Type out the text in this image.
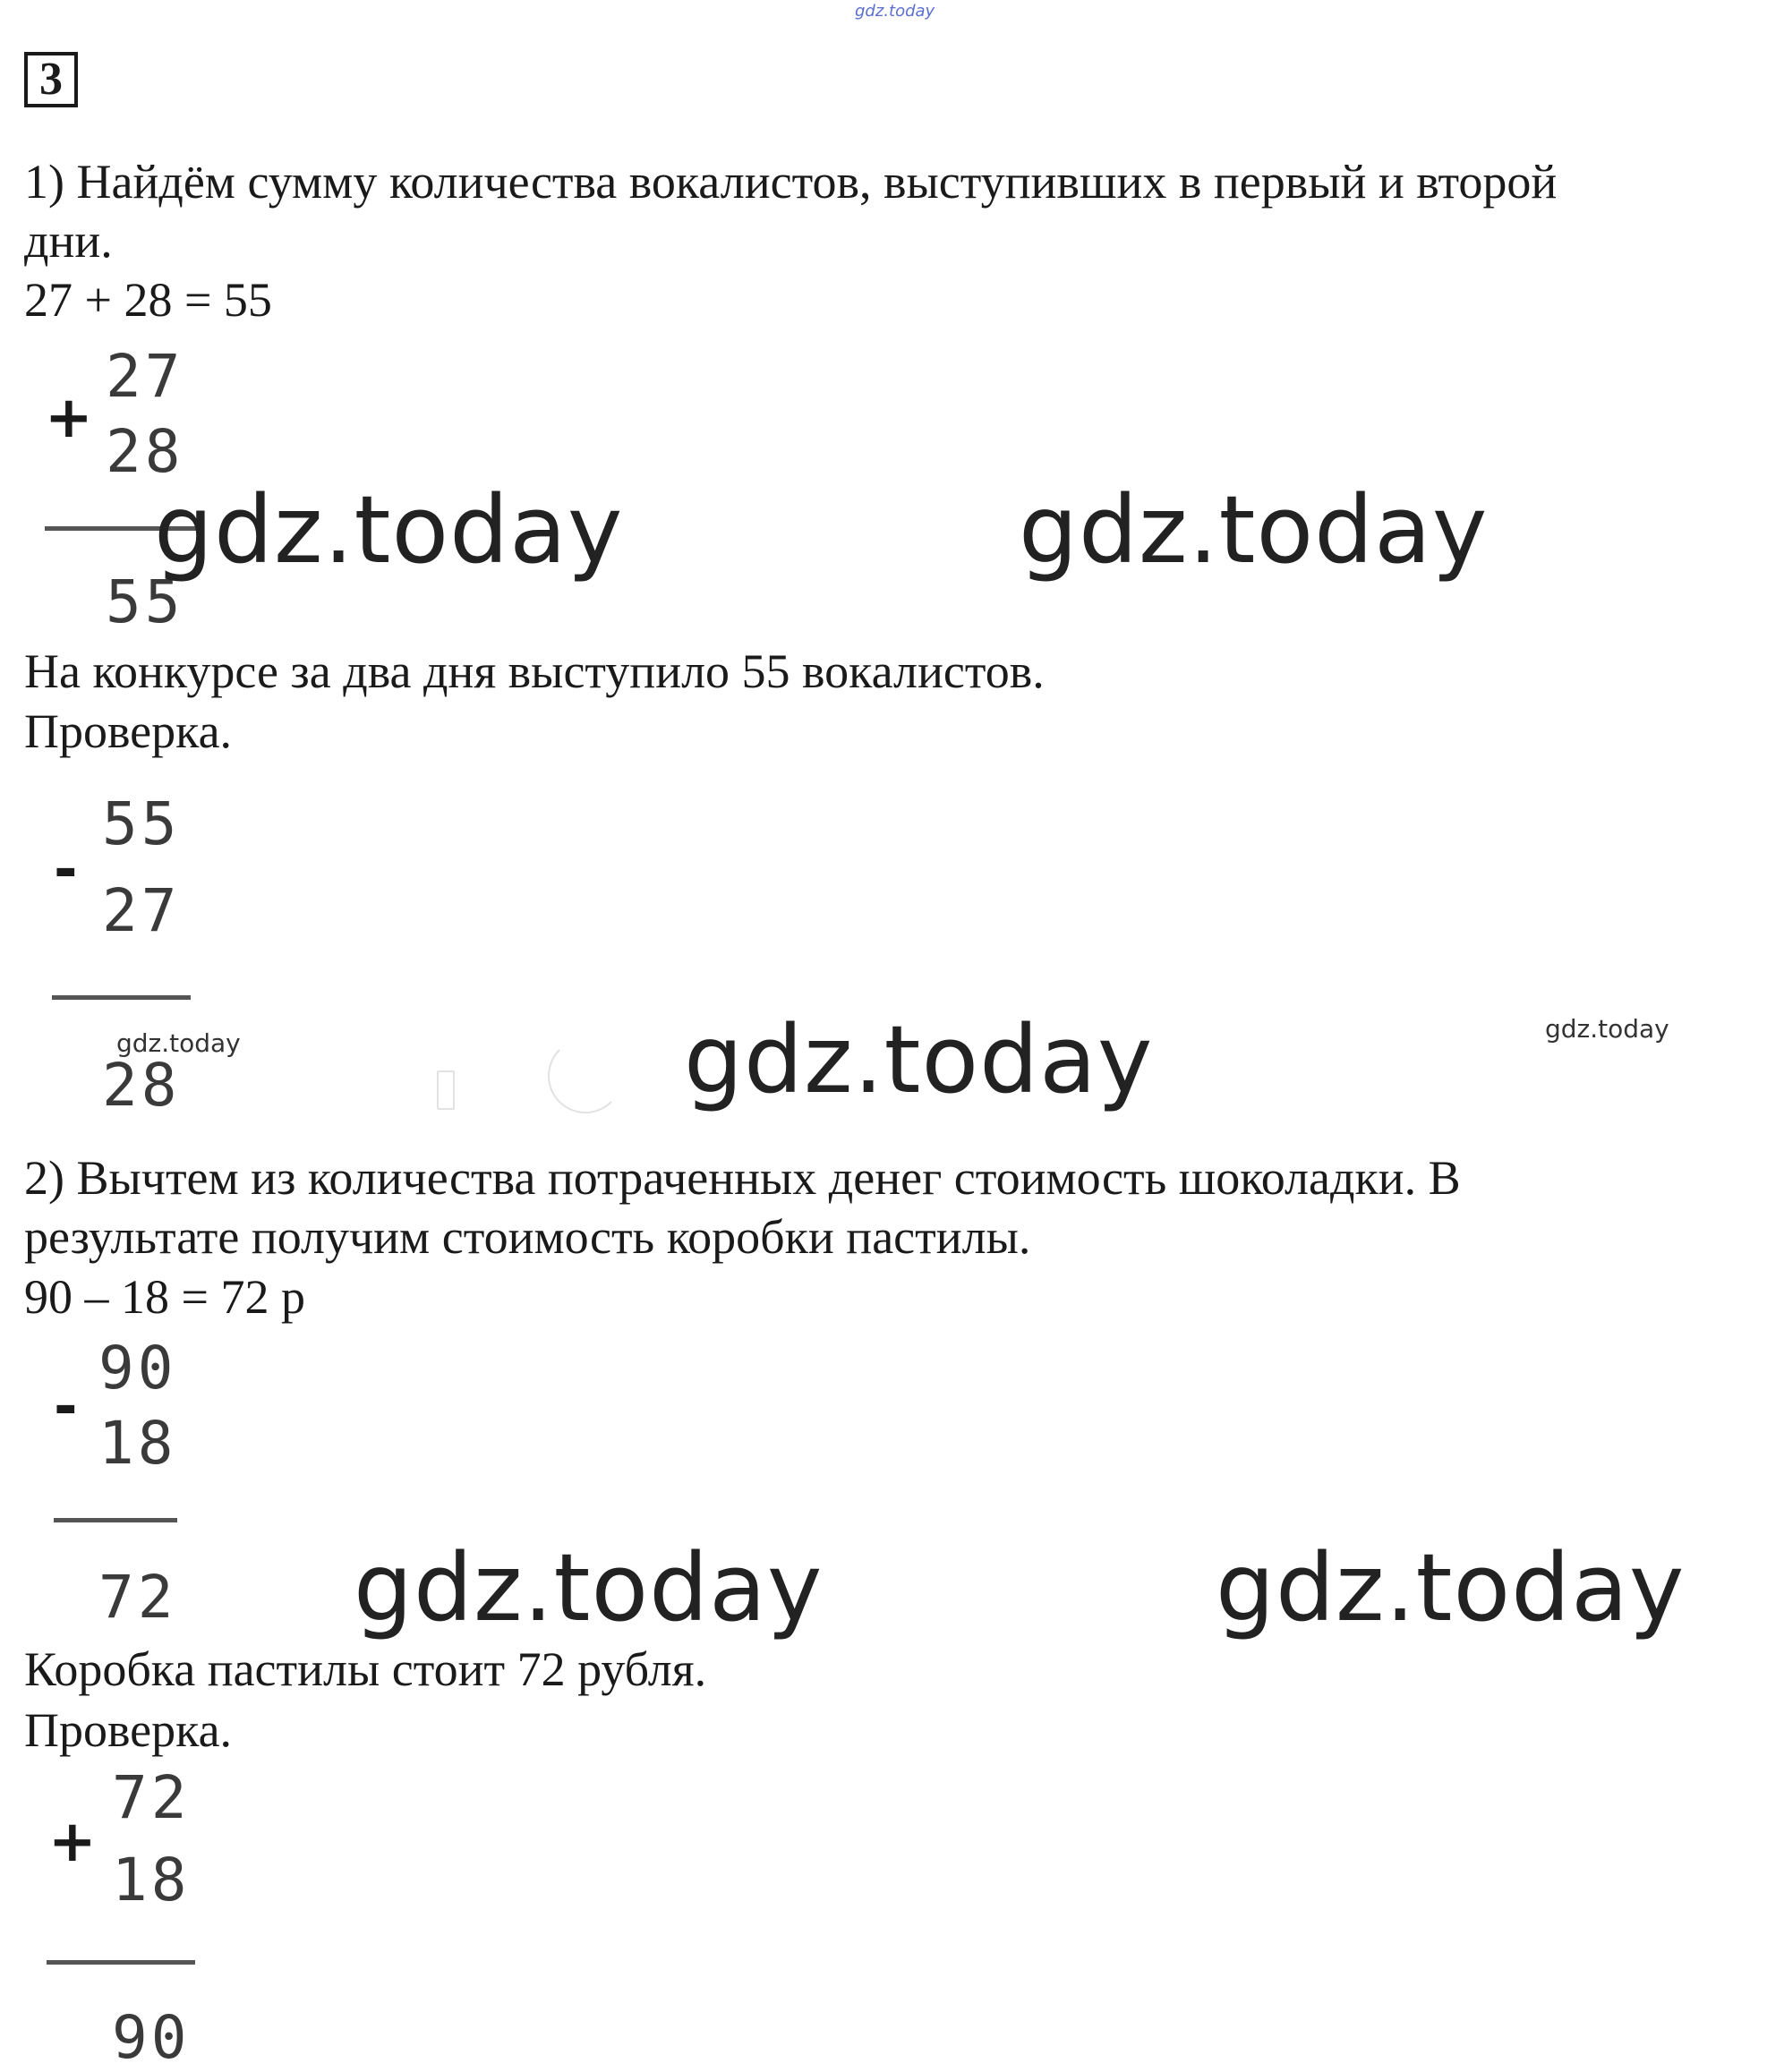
gdz.today
3
1) Найдём сумму количества вокалистов, выступивших в первый и второй
дни.
27 + 28 = 55
+
27
28
55
gdz.today	gdz.today
На конкурсе за два дня выступило 55 вокалистов.
Проверка.
-
55
27
28
gdz.today	gdz.today	gdz.today
2) Вычтем из количества потраченных денег стоимость шоколадки. В
результате получим стоимость коробки пастилы.
90 – 18 = 72 р
-
90
18
72 gdz.today	gdz.today
Коробка пастилы стоит 72 рубля.
Проверка.
+
72
18
90
